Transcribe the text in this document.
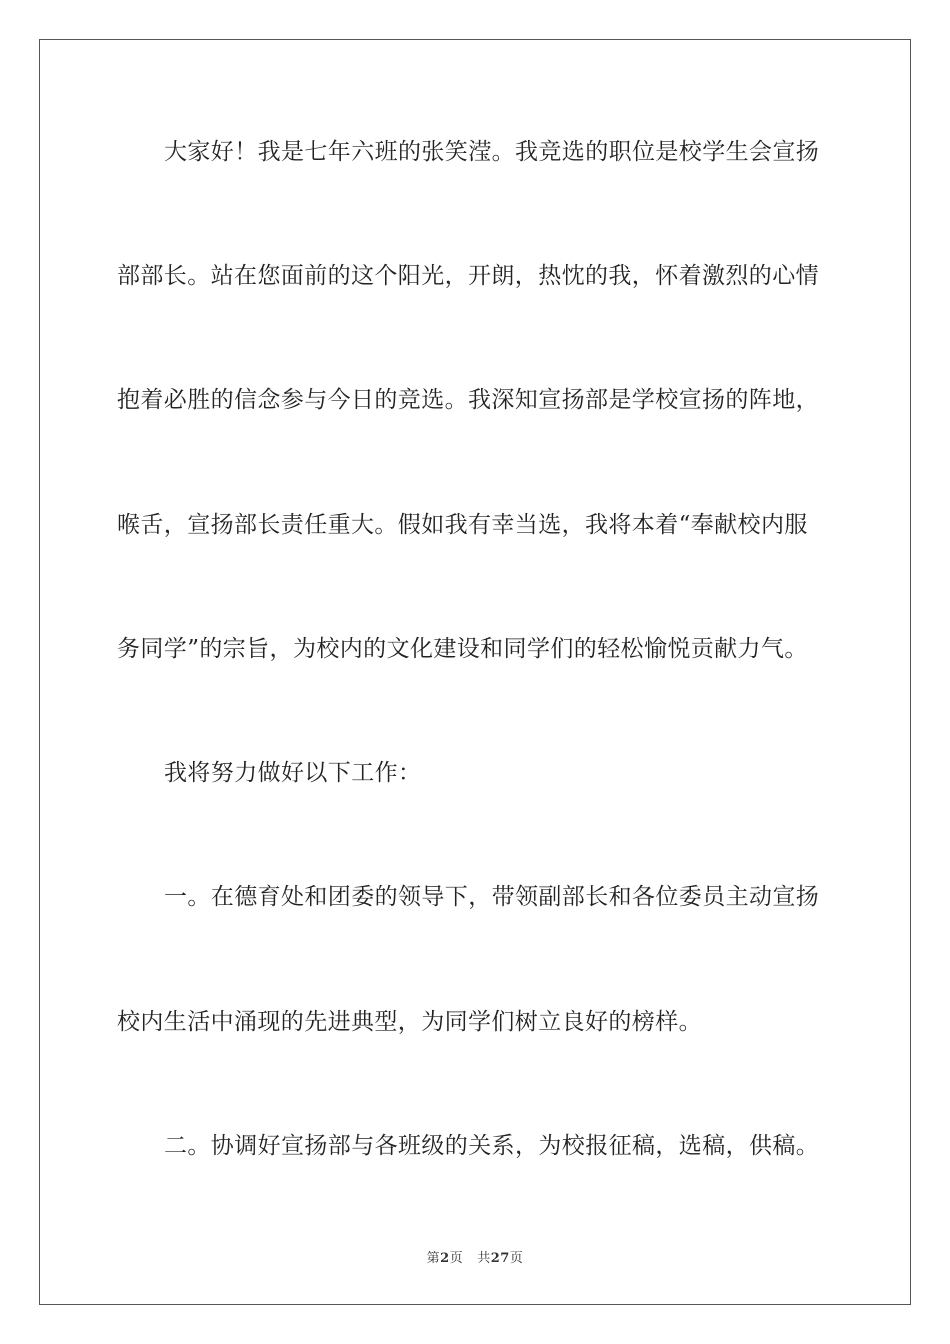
大家好！我是七年六班的张笑滢。我竞选的职位是校学生会宣扬
部部长。站在您面前的这个阳光，开朗，热忱的我，怀着激烈的心情
抱着必胜的信念参与今日的竞选。我深知宣扬部是学校宣扬的阵地，
喉舌，宣扬部长责任重大。假如我有幸当选，我将本着“奉献校内服
务同学”的宗旨，为校内的文化建设和同学们的轻松愉悦贡献力气。
我将努力做好以下工作：
一。在德育处和团委的领导下，带领副部长和各位委员主动宣扬
校内生活中涌现的先进典型，为同学们树立良好的榜样。
二。协调好宣扬部与各班级的关系，为校报征稿，选稿，供稿。
第2页 共27页
